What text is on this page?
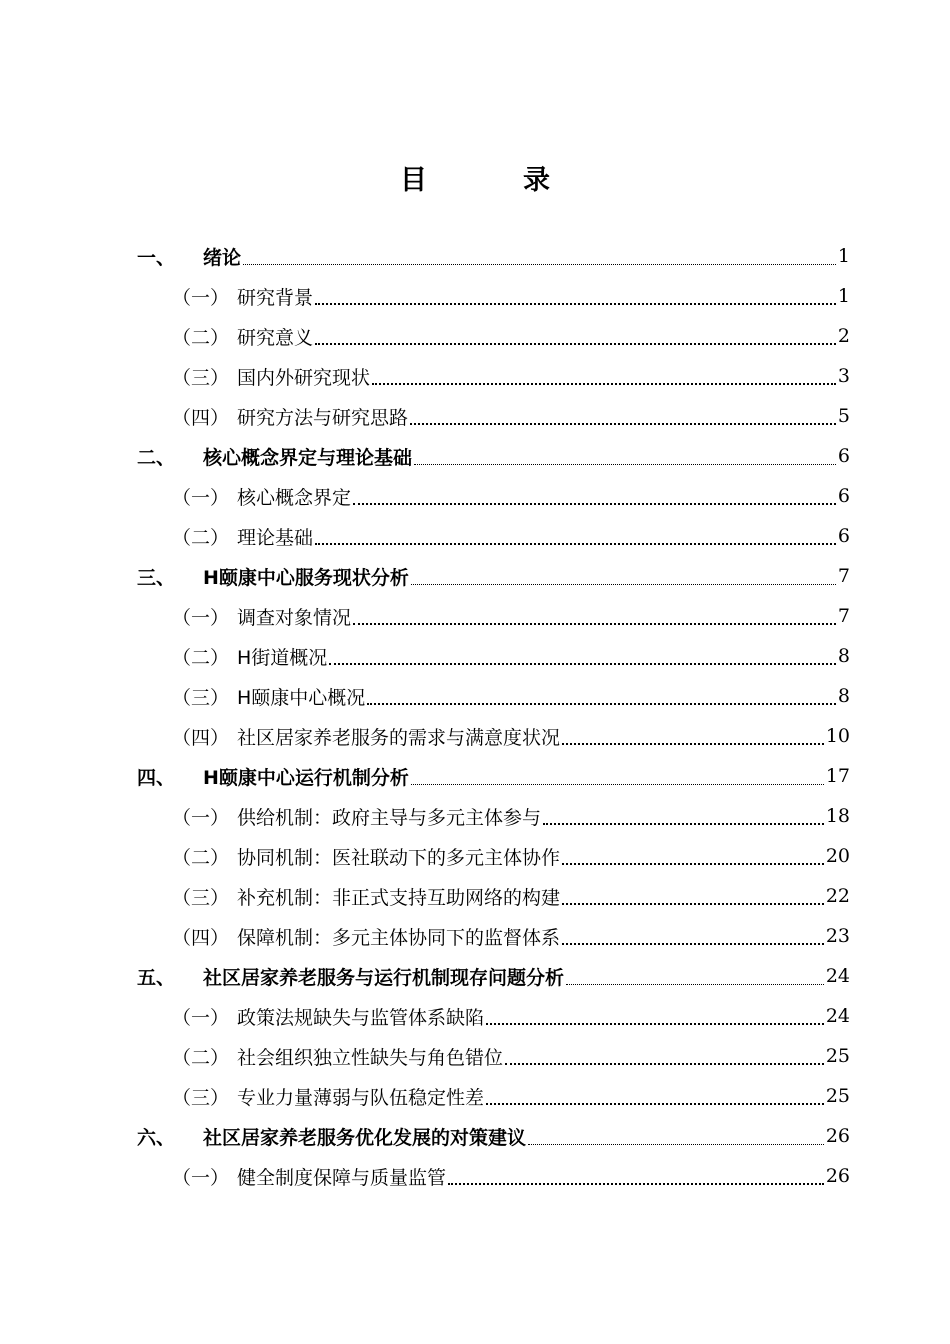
目	录
一、 绪论	1
（一） 研究背景	1
（二） 研究意义	2
（三） 国内外研究现状	3
（四） 研究方法与研究思路	5
二、 核心概念界定与理论基础	6
（一） 核心概念界定	6
（二） 理论基础	6
三、 H颐康中心服务现状分析	7
（一） 调查对象情况	7
（二） H街道概况	8
（三） H颐康中心概况	8
（四） 社区居家养老服务的需求与满意度状况	10
四、 H颐康中心运行机制分析	17
（一） 供给机制：政府主导与多元主体参与	18
（二） 协同机制：医社联动下的多元主体协作	20
（三） 补充机制：非正式支持互助网络的构建	22
（四） 保障机制：多元主体协同下的监督体系	23
五、 社区居家养老服务与运行机制现存问题分析	24
（一） 政策法规缺失与监管体系缺陷	24
（二） 社会组织独立性缺失与角色错位	25
（三） 专业力量薄弱与队伍稳定性差	25
六、 社区居家养老服务优化发展的对策建议	26
（一） 健全制度保障与质量监管	26
